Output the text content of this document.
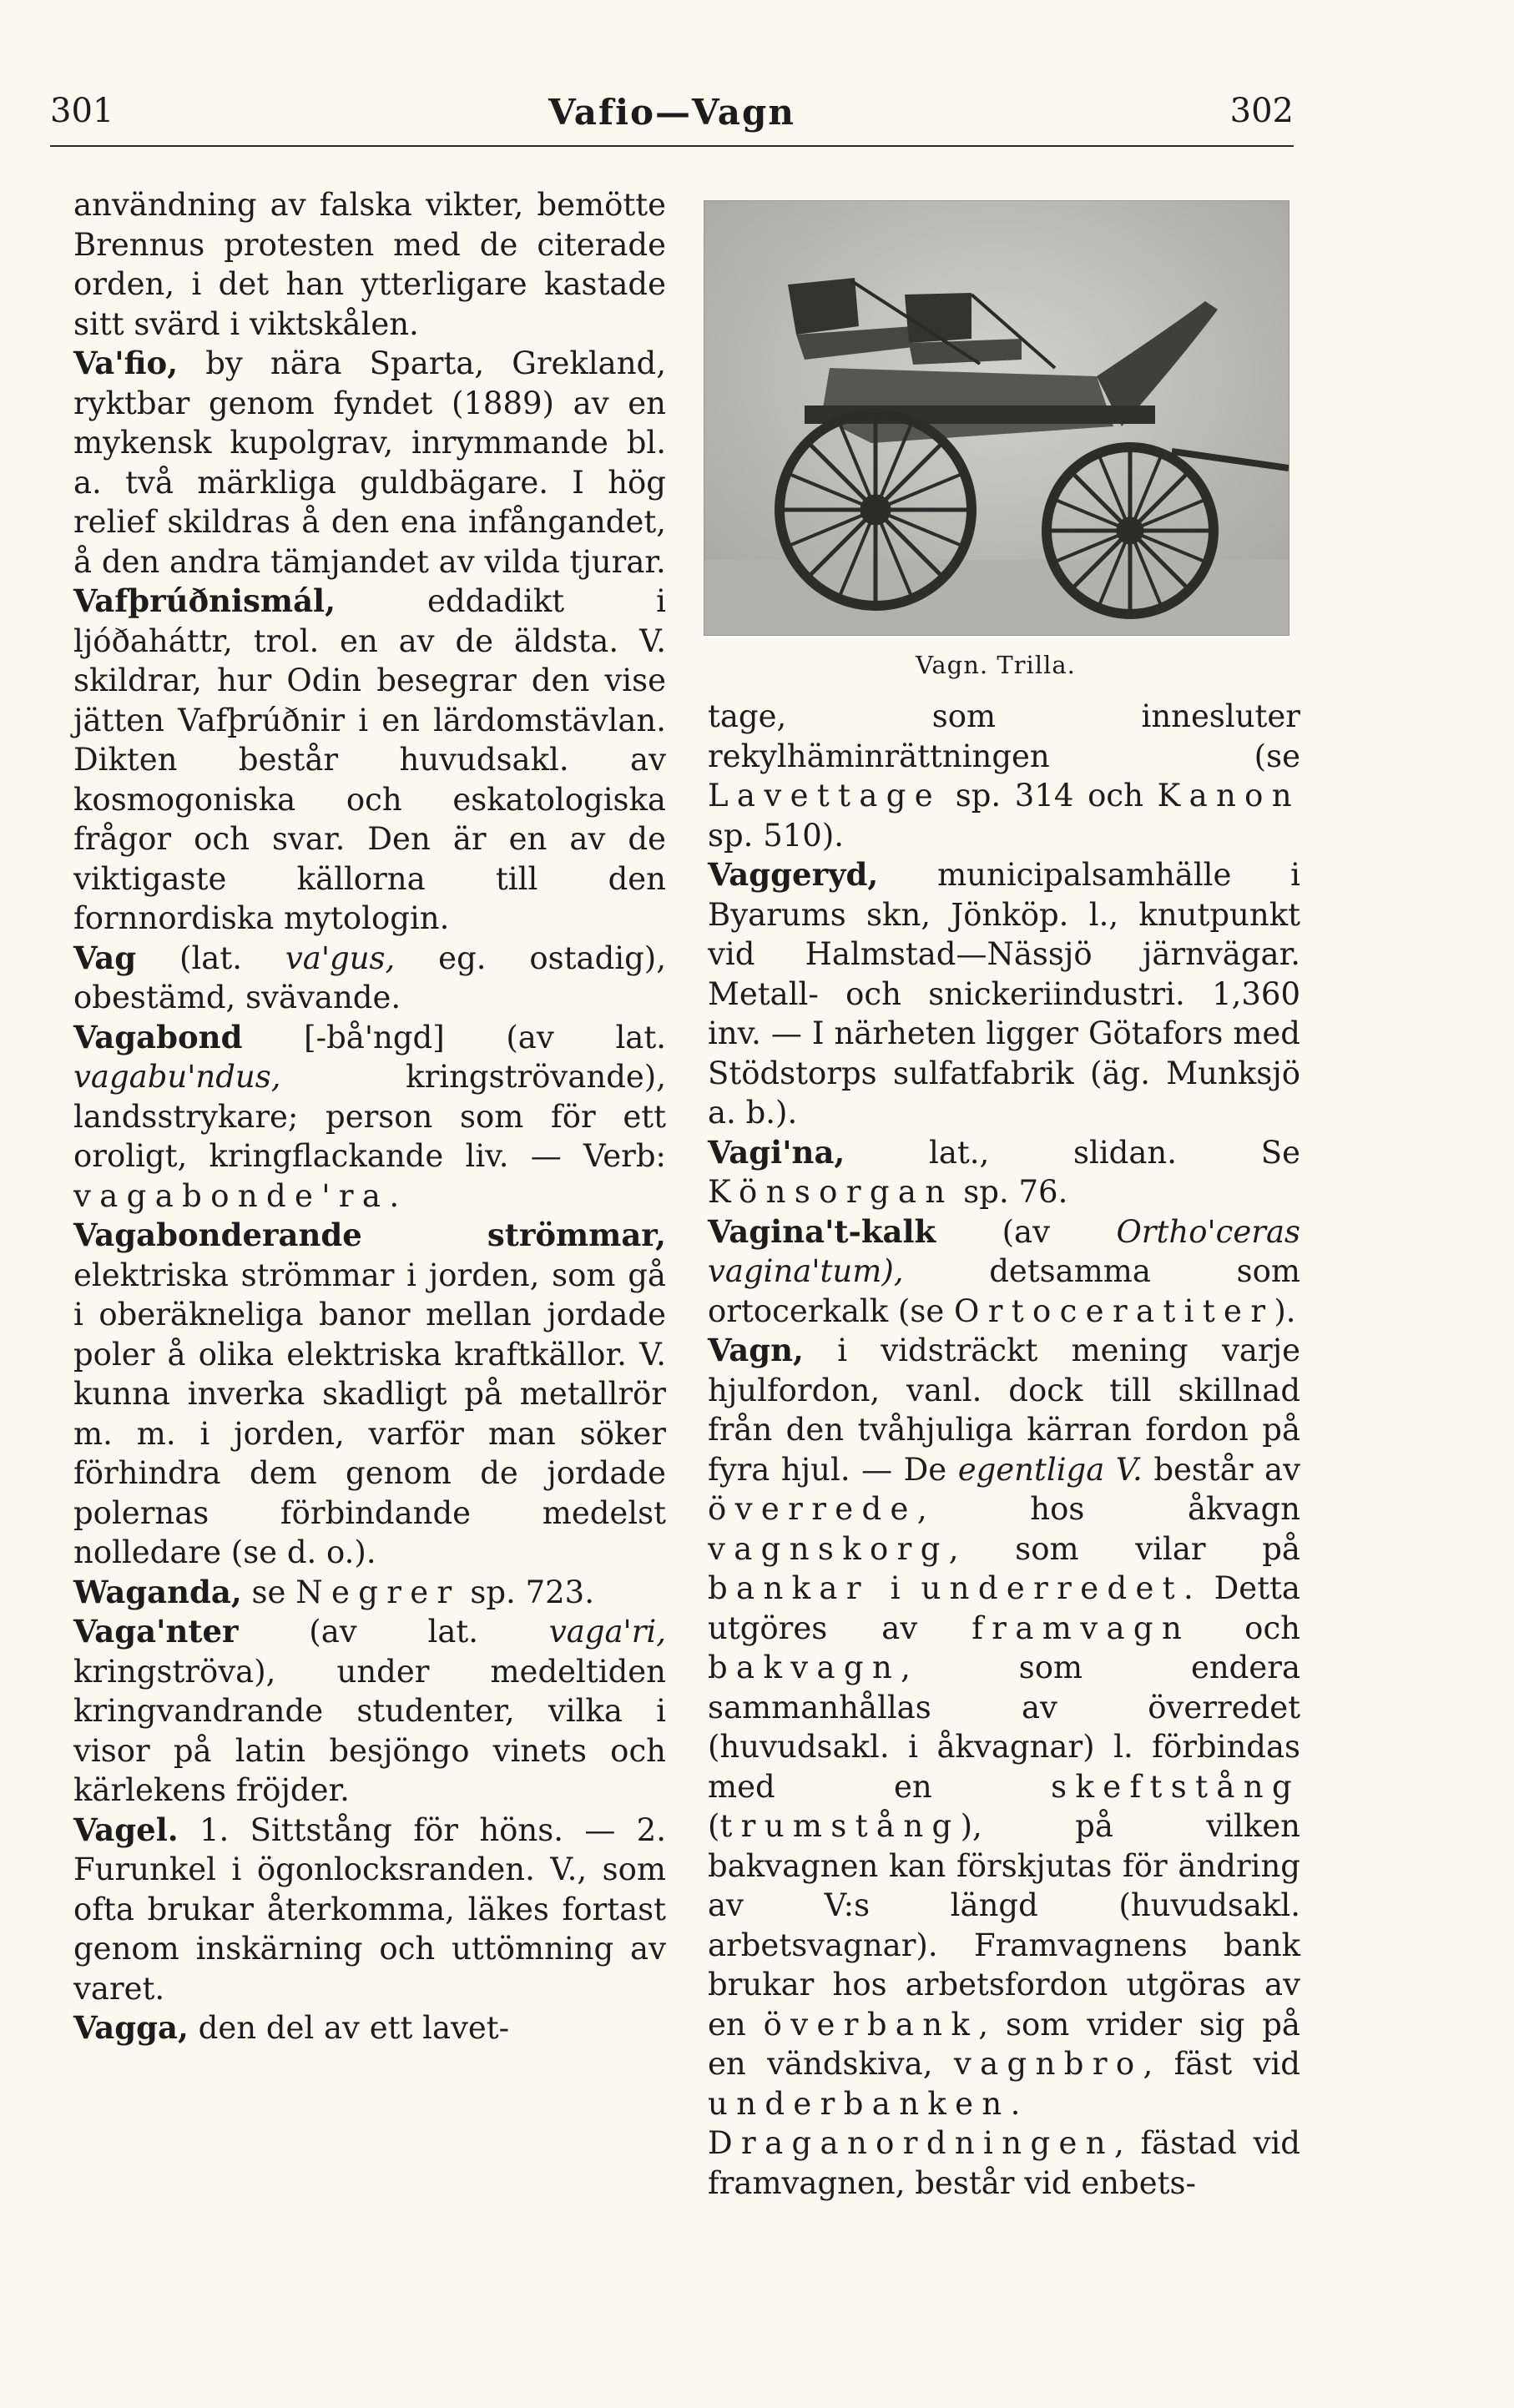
301	Vafio—Vagn	302

användning av falska vikter, bemötte Brennus protesten med de citerade orden, i det han ytterligare kastade sitt svärd i viktskålen.

Va'fio, by nära Sparta, Grekland, ryktbar genom fyndet (1889) av en mykensk kupolgrav, inrymmande bl. a. två märkliga guldbägare. I hög relief skildras å den ena infångandet, å den andra tämjandet av vilda tjurar.

Vafþrúðnismál, eddadikt i ljóðaháttr, trol. en av de äldsta. V. skildrar, hur Odin besegrar den vise jätten Vafþrúðnir i en lärdomstävlan. Dikten består huvudsakl. av kosmogoniska och eskatologiska frågor och svar. Den är en av de viktigaste källorna till den fornnordiska mytologin.

Vag (lat. va'gus, eg. ostadig), obestämd, svävande.

Vagabond [-bå'ngd] (av lat. vagabu'ndus, kringströvande), landsstrykare; person som för ett oroligt, kringflackande liv. — Verb: vagabonde'ra.

Vagabonderande strömmar, elektriska strömmar i jorden, som gå i oberäkneliga banor mellan jordade poler å olika elektriska kraftkällor. V. kunna inverka skadligt på metallrör m. m. i jorden, varför man söker förhindra dem genom de jordade polernas förbindande medelst nolledare (se d. o.).

Waganda, se Negrer sp. 723.

Vaga'nter (av lat. vaga'ri, kringströva), under medeltiden kringvandrande studenter, vilka i visor på latin besjöngo vinets och kärlekens fröjder.

Vagel. 1. Sittstång för höns. — 2. Furunkel i ögonlocksranden. V., som ofta brukar återkomma, läkes fortast genom inskärning och uttömning av varet.

Vagga, den del av ett lavet-

Vagn. Trilla.

tage, som innesluter rekylhäminrättningen (se Lavettage sp. 314 och Kanon sp. 510).

Vaggeryd, municipalsamhälle i Byarums skn, Jönköp. l., knutpunkt vid Halmstad—Nässjö järnvägar. Metall- och snickeriindustri. 1,360 inv. — I närheten ligger Götafors med Stödstorps sulfatfabrik (äg. Munksjö a. b.).

Vagi'na, lat., slidan. Se Könsorgan sp. 76.

Vagina't-kalk (av Ortho'ceras vagina'tum), detsamma som ortocerkalk (se Ortoceratiter).

Vagn, i vidsträckt mening varje hjulfordon, vanl. dock till skillnad från den tvåhjuliga kärran fordon på fyra hjul. — De egentliga V. består av överrede, hos åkvagn vagnskorg, som vilar på bankar i underredet. Detta utgöres av framvagn och bakvagn, som endera sammanhållas av överredet (huvudsakl. i åkvagnar) l. förbindas med en skeftstång (trumstång), på vilken bakvagnen kan förskjutas för ändring av V:s längd (huvudsakl. arbetsvagnar). Framvagnens bank brukar hos arbetsfordon utgöras av en överbank, som vrider sig på en vändskiva, vagnbro, fäst vid underbanken. Draganordningen, fästad vid framvagnen, består vid enbets-
